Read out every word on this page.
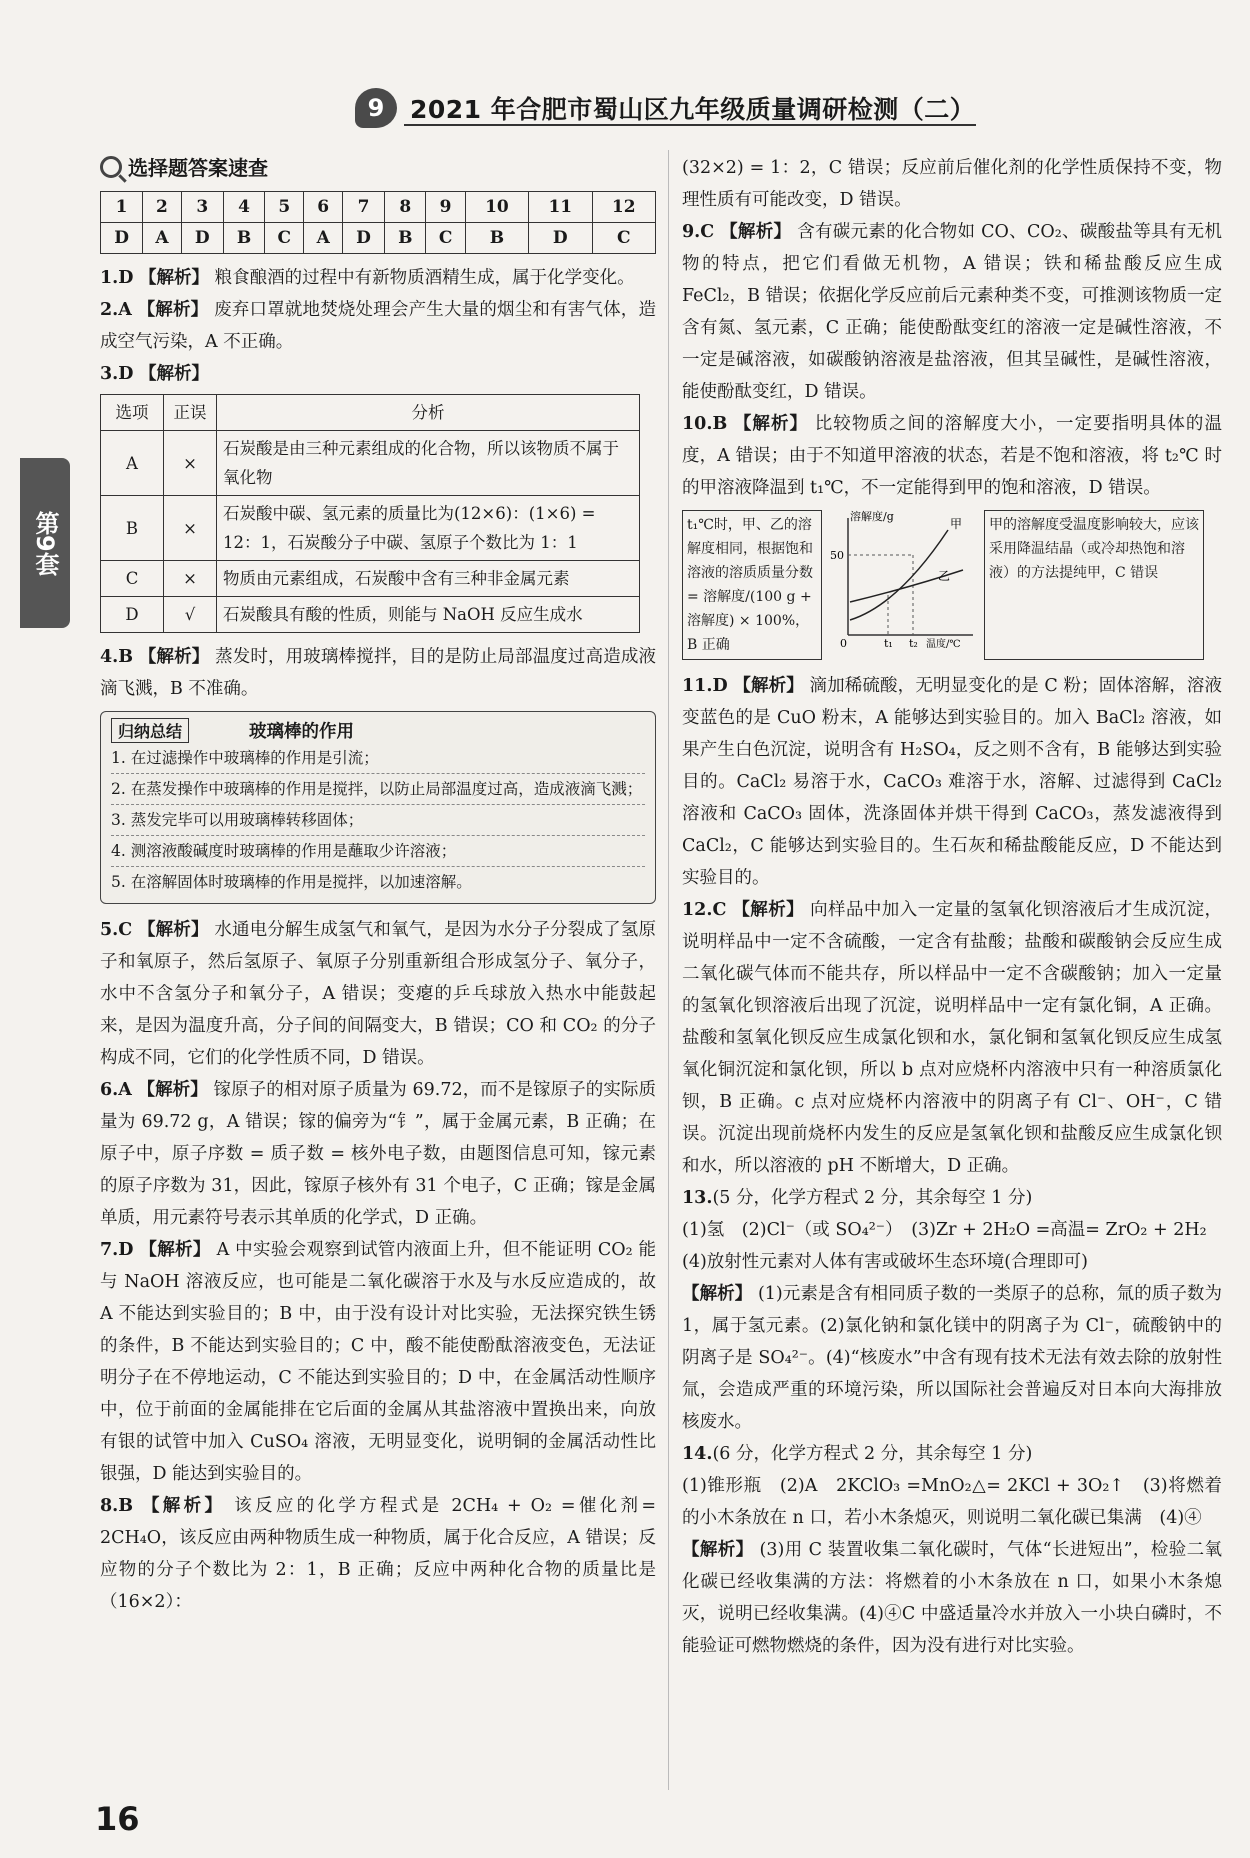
9	2021 年合肥市蜀山区九年级质量调研检测（二）
第9套
选择题答案速查
1	2	3	4	5	6	7	8	9	10	11	12
D	A	D	B	C	A	D	B	C	B	D	C

1.D 【解析】 粮食酿酒的过程中有新物质酒精生成，属于化学变化。

2.A 【解析】 废弃口罩就地焚烧处理会产生大量的烟尘和有害气体，造成空气污染，A 不正确。

3.D 【解析】

选项	正误	分析
A	×	石炭酸是由三种元素组成的化合物，所以该物质不属于氧化物
B	×	石炭酸中碳、氢元素的质量比为(12×6)：(1×6) = 12：1，石炭酸分子中碳、氢原子个数比为 1：1
C	×	物质由元素组成，石炭酸中含有三种非金属元素
D	√	石炭酸具有酸的性质，则能与 NaOH 反应生成水

4.B 【解析】 蒸发时，用玻璃棒搅拌，目的是防止局部温度过高造成液滴飞溅，B 不准确。

归纳总结	玻璃棒的作用
1. 在过滤操作中玻璃棒的作用是引流；
2. 在蒸发操作中玻璃棒的作用是搅拌，以防止局部温度过高，造成液滴飞溅；
3. 蒸发完毕可以用玻璃棒转移固体；
4. 测溶液酸碱度时玻璃棒的作用是蘸取少许溶液；
5. 在溶解固体时玻璃棒的作用是搅拌，以加速溶解。

5.C 【解析】 水通电分解生成氢气和氧气，是因为水分子分裂成了氢原子和氧原子，然后氢原子、氧原子分别重新组合形成氢分子、氧分子，水中不含氢分子和氧分子，A 错误；变瘪的乒乓球放入热水中能鼓起来，是因为温度升高，分子间的间隔变大，B 错误；CO 和 CO₂ 的分子构成不同，它们的化学性质不同，D 错误。

6.A 【解析】 镓原子的相对原子质量为 69.72，而不是镓原子的实际质量为 69.72 g，A 错误；镓的偏旁为“钅”，属于金属元素，B 正确；在原子中，原子序数 = 质子数 = 核外电子数，由题图信息可知，镓元素的原子序数为 31，因此，镓原子核外有 31 个电子，C 正确；镓是金属单质，用元素符号表示其单质的化学式，D 正确。

7.D 【解析】 A 中实验会观察到试管内液面上升，但不能证明 CO₂ 能与 NaOH 溶液反应，也可能是二氧化碳溶于水及与水反应造成的，故 A 不能达到实验目的；B 中，由于没有设计对比实验，无法探究铁生锈的条件，B 不能达到实验目的；C 中，酸不能使酚酞溶液变色，无法证明分子在不停地运动，C 不能达到实验目的；D 中，在金属活动性顺序中，位于前面的金属能排在它后面的金属从其盐溶液中置换出来，向放有银的试管中加入 CuSO₄ 溶液，无明显变化，说明铜的金属活动性比银强，D 能达到实验目的。

8.B 【解析】 该反应的化学方程式是 2CH₄ + O₂ =催化剂= 2CH₄O，该反应由两种物质生成一种物质，属于化合反应，A 错误；反应物的分子个数比为 2：1，B 正确；反应中两种化合物的质量比是（16×2）：

(32×2) = 1：2，C 错误；反应前后催化剂的化学性质保持不变，物理性质有可能改变，D 错误。

9.C 【解析】 含有碳元素的化合物如 CO、CO₂、碳酸盐等具有无机物的特点，把它们看做无机物，A 错误；铁和稀盐酸反应生成 FeCl₂，B 错误；依据化学反应前后元素种类不变，可推测该物质一定含有氮、氢元素，C 正确；能使酚酞变红的溶液一定是碱性溶液，不一定是碱溶液，如碳酸钠溶液是盐溶液，但其呈碱性，是碱性溶液，能使酚酞变红，D 错误。

10.B 【解析】 比较物质之间的溶解度大小，一定要指明具体的温度，A 错误；由于不知道甲溶液的状态，若是不饱和溶液，将 t₂℃ 时的甲溶液降温到 t₁℃，不一定能得到甲的饱和溶液，D 错误。

t₁℃时，甲、乙的溶解度相同，根据饱和溶液的溶质质量分数 = 溶解度/(100 g + 溶解度) × 100%，B 正确
溶解度/g
50
0	t₁ t₂ 温度/℃
甲
乙
甲的溶解度受温度影响较大，应该采用降温结晶（或冷却热饱和溶液）的方法提纯甲，C 错误

11.D 【解析】 滴加稀硫酸，无明显变化的是 C 粉；固体溶解，溶液变蓝色的是 CuO 粉末，A 能够达到实验目的。加入 BaCl₂ 溶液，如果产生白色沉淀，说明含有 H₂SO₄，反之则不含有，B 能够达到实验目的。CaCl₂ 易溶于水，CaCO₃ 难溶于水，溶解、过滤得到 CaCl₂ 溶液和 CaCO₃ 固体，洗涤固体并烘干得到 CaCO₃，蒸发滤液得到 CaCl₂，C 能够达到实验目的。生石灰和稀盐酸能反应，D 不能达到实验目的。

12.C 【解析】 向样品中加入一定量的氢氧化钡溶液后才生成沉淀，说明样品中一定不含硫酸，一定含有盐酸；盐酸和碳酸钠会反应生成二氧化碳气体而不能共存，所以样品中一定不含碳酸钠；加入一定量的氢氧化钡溶液后出现了沉淀，说明样品中一定有氯化铜，A 正确。盐酸和氢氧化钡反应生成氯化钡和水，氯化铜和氢氧化钡反应生成氢氧化铜沉淀和氯化钡，所以 b 点对应烧杯内溶液中只有一种溶质氯化钡，B 正确。c 点对应烧杯内溶液中的阴离子有 Cl⁻、OH⁻，C 错误。沉淀出现前烧杯内发生的反应是氢氧化钡和盐酸反应生成氯化钡和水，所以溶液的 pH 不断增大，D 正确。

13.(5 分，化学方程式 2 分，其余每空 1 分)

(1)氢　(2)Cl⁻（或 SO₄²⁻）　(3)Zr + 2H₂O =高温= ZrO₂ + 2H₂

(4)放射性元素对人体有害或破坏生态环境(合理即可)

【解析】 (1)元素是含有相同质子数的一类原子的总称，氚的质子数为 1，属于氢元素。(2)氯化钠和氯化镁中的阴离子为 Cl⁻，硫酸钠中的阴离子是 SO₄²⁻。(4)“核废水”中含有现有技术无法有效去除的放射性氚，会造成严重的环境污染，所以国际社会普遍反对日本向大海排放核废水。

14.(6 分，化学方程式 2 分，其余每空 1 分)

(1)锥形瓶　(2)A　2KClO₃ =MnO₂△= 2KCl + 3O₂↑　(3)将燃着的小木条放在 n 口，若小木条熄灭，则说明二氧化碳已集满　(4)④

【解析】 (3)用 C 装置收集二氧化碳时，气体“长进短出”，检验二氧化碳已经收集满的方法：将燃着的小木条放在 n 口，如果小木条熄灭，说明已经收集满。(4)④C 中盛适量冷水并放入一小块白磷时，不能验证可燃物燃烧的条件，因为没有进行对比实验。

16
